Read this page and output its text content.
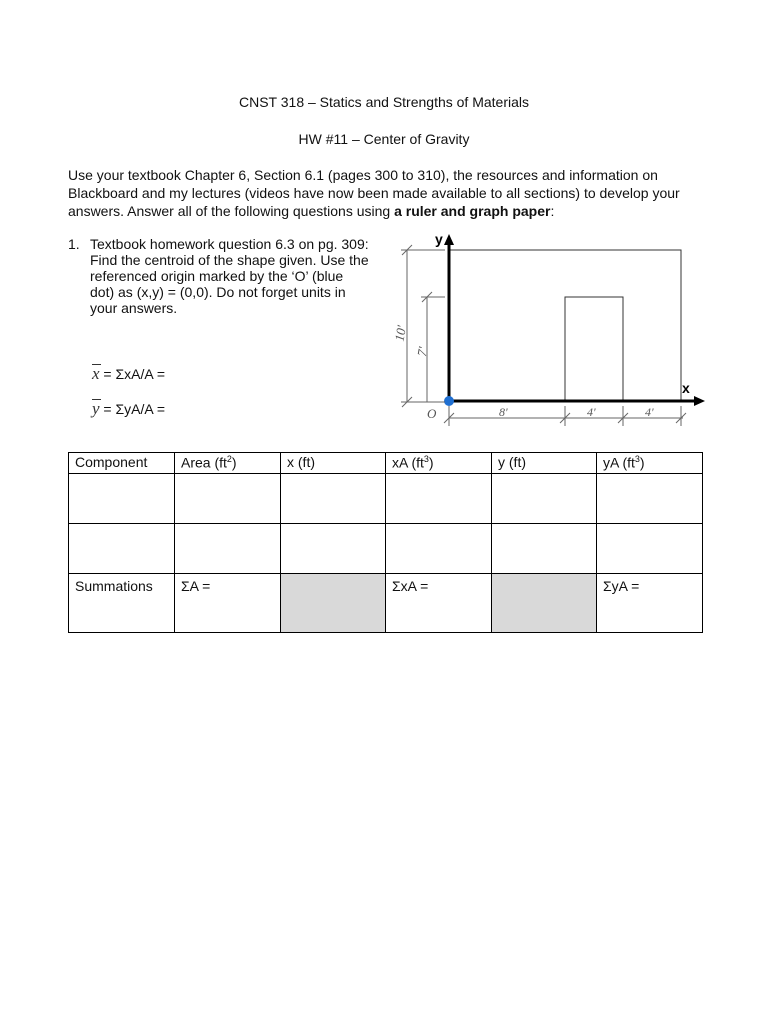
CNST 318 – Statics and Strengths of Materials
HW #11 – Center of Gravity
Use your textbook Chapter 6, Section 6.1 (pages 300 to 310), the resources and information on Blackboard and my lectures (videos have now been made available to all sections) to develop your answers. Answer all of the following questions using a ruler and graph paper:
1. Textbook homework question 6.3 on pg. 309:
Find the centroid of the shape given. Use the referenced origin marked by the ‘O’ (blue dot) as (x,y) = (0,0). Do not forget units in your answers.
x = ΣxA/A =
y = ΣyA/A =
y
x
O
10'
7'
8'	4'	4'
Component	Area $(ft^2)$	x (ft)	xA $(ft^3)$	y (ft)	yA $(ft^3)$

Summations	ΣA =		ΣxA =		ΣyA =
